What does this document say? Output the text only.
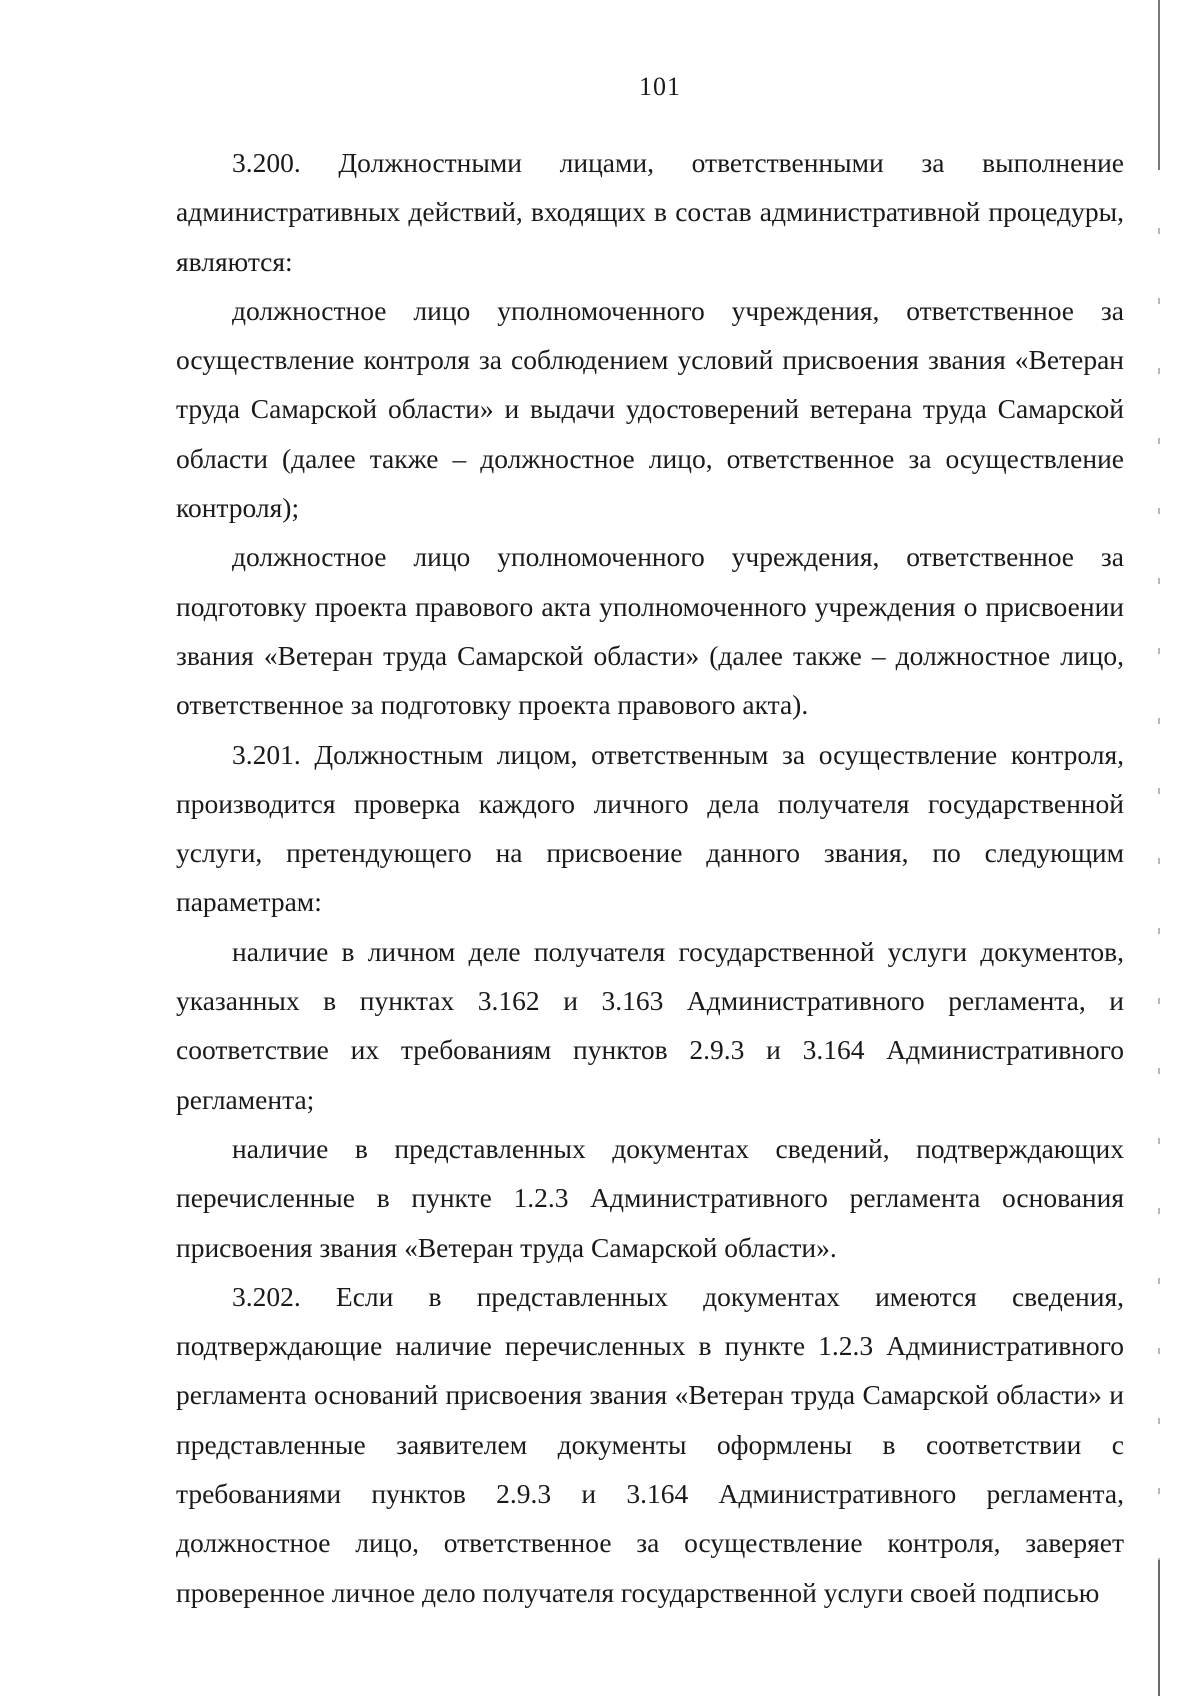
101

3.200. Должностными лицами, ответственными за выполнение административных действий, входящих в состав административной процедуры, являются:

должностное лицо уполномоченного учреждения, ответственное за осуществление контроля за соблюдением условий присвоения звания «Ветеран труда Самарской области» и выдачи удостоверений ветерана труда Самарской области (далее также – должностное лицо, ответственное за осуществление контроля);

должностное лицо уполномоченного учреждения, ответственное за подготовку проекта правового акта уполномоченного учреждения о присвоении звания «Ветеран труда Самарской области» (далее также – должностное лицо, ответственное за подготовку проекта правового акта).

3.201. Должностным лицом, ответственным за осуществление контроля, производится проверка каждого личного дела получателя государственной услуги, претендующего на присвоение данного звания, по следующим параметрам:

наличие в личном деле получателя государственной услуги документов, указанных в пунктах 3.162 и 3.163 Административного регламента, и соответствие их требованиям пунктов 2.9.3 и 3.164 Административного регламента;

наличие в представленных документах сведений, подтверждающих перечисленные в пункте 1.2.3 Административного регламента основания присвоения звания «Ветеран труда Самарской области».

3.202. Если в представленных документах имеются сведения, подтверждающие наличие перечисленных в пункте 1.2.3 Административного регламента оснований присвоения звания «Ветеран труда Самарской области» и представленные заявителем документы оформлены в соответствии с требованиями пунктов 2.9.3 и 3.164 Административного регламента, должностное лицо, ответственное за осуществление контроля, заверяет проверенное личное дело получателя государственной услуги своей подписью
